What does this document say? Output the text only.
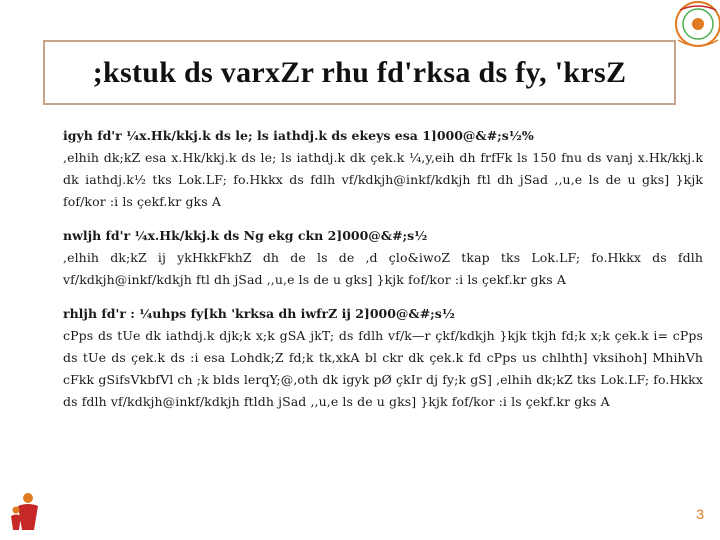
;kstuk ds varxZr rhu fd'rksa ds fy, 'krsZ
igyh fd'r ¼x.Hk/kkj.k ds le; ls iathdj.k ds ekeys esa 1]000@&#;s½%
,elhih dk;kZ esa x.Hk/kkj.k ds le; ls iathdj.k dk çek.k ¼,y,eih dh frfFk ls 150 fnu ds vanj x.Hk/kkj.k dk iathdj.k½ tks Lok.LF; fo.Hkkx ds fdlh vf/kdkjh@inkf/kdkjh ftl dh jSad ,,u,e ls de u gks] }kjk fof/kor :i ls çekf.kr gks A
nwljh fd'r ¼x.Hk/kkj.k ds Ng ekg ckn 2]000@&#;s½
,elhih dk;kZ ij ykHkkFkhZ dh de ls de ,d çlo&iwoZ tkap tks Lok.LF; fo.Hkkx ds fdlh vf/kdkjh@inkf/kdkjh ftl dh jSad ,,u,e ls de u gks] }kjk fof/kor :i ls çekf.kr gks A
rhljh fd'r : ¼uhps fy[kh 'krksa dh iwfrZ ij 2]000@&#;s½
cPps ds tUe dk iathdj.k djk;k x;k gSA jkT; ds fdlh vf/k—r çkf/kdkjh }kjk tkjh fd;k x;k çek.k i= cPps ds tUe ds çek.k ds :i esa Lohdk;Z fd;k tk,xkA bl ckr dk çek.k fd cPps us chlhth] vksihoh] MhihVh cFkk gSifsVkbfVl ch ;k blds lerqY;@,oth dk igyk pØ çkIr dj fy;k gS] ,elhih dk;kZ tks Lok.LF; fo.Hkkx ds fdlh vf/kdkjh@inkf/kdkjh ftldh jSad ,,u,e ls de u gks] }kjk fof/kor :i ls çekf.kr gks A
3
